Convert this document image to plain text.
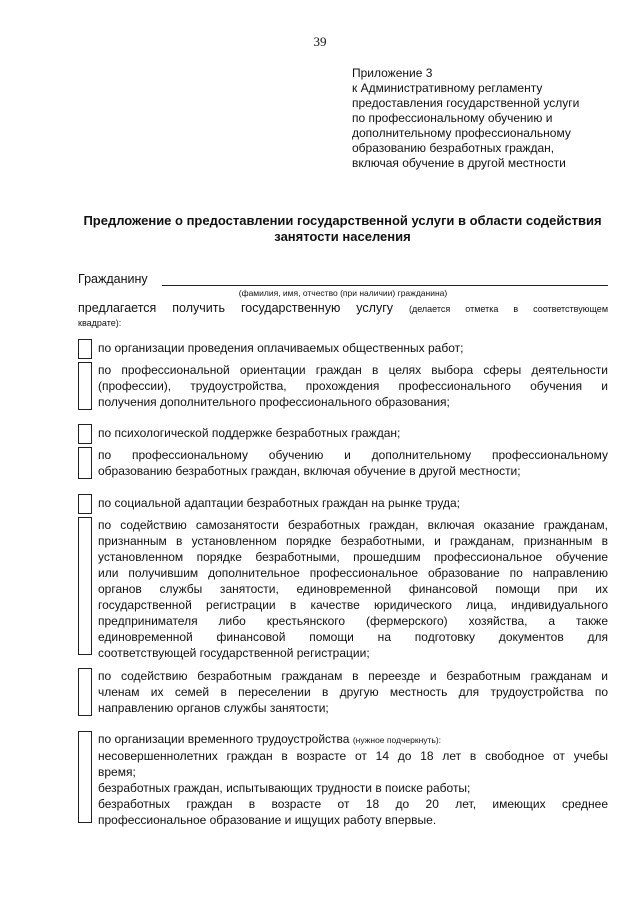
39
Приложение 3
к Административному регламенту
предоставления государственной услуги
по профессиональному обучению и
дополнительному профессиональному
образованию безработных граждан,
включая обучение в другой местности
Предложение о предоставлении государственной услуги в области содействия
занятости населения
Гражданину
(фамилия, имя, отчество (при наличии) гражданина)
предлагается получить государственную услугу (делается отметка в соответствующем
квадрате):
по организации проведения оплачиваемых общественных работ;
по профессиональной ориентации граждан в целях выбора сферы деятельности
(профессии), трудоустройства, прохождения профессионального обучения и
получения дополнительного профессионального образования;
по психологической поддержке безработных граждан;
по профессиональному обучению и дополнительному профессиональному
образованию безработных граждан, включая обучение в другой местности;
по социальной адаптации безработных граждан на рынке труда;
по содействию самозанятости безработных граждан, включая оказание гражданам,
признанным в установленном порядке безработными, и гражданам, признанным в
установленном порядке безработными, прошедшим профессиональное обучение
или получившим дополнительное профессиональное образование по направлению
органов службы занятости, единовременной финансовой помощи при их
государственной регистрации в качестве юридического лица, индивидуального
предпринимателя либо крестьянского (фермерского) хозяйства, а также
единовременной финансовой помощи на подготовку документов для
соответствующей государственной регистрации;
по содействию безработным гражданам в переезде и безработным гражданам и
членам их семей в переселении в другую местность для трудоустройства по
направлению органов службы занятости;
по организации временного трудоустройства (нужное подчеркнуть):
несовершеннолетних граждан в возрасте от 14 до 18 лет в свободное от учебы
время;
безработных граждан, испытывающих трудности в поиске работы;
безработных граждан в возрасте от 18 до 20 лет, имеющих среднее
профессиональное образование и ищущих работу впервые.
